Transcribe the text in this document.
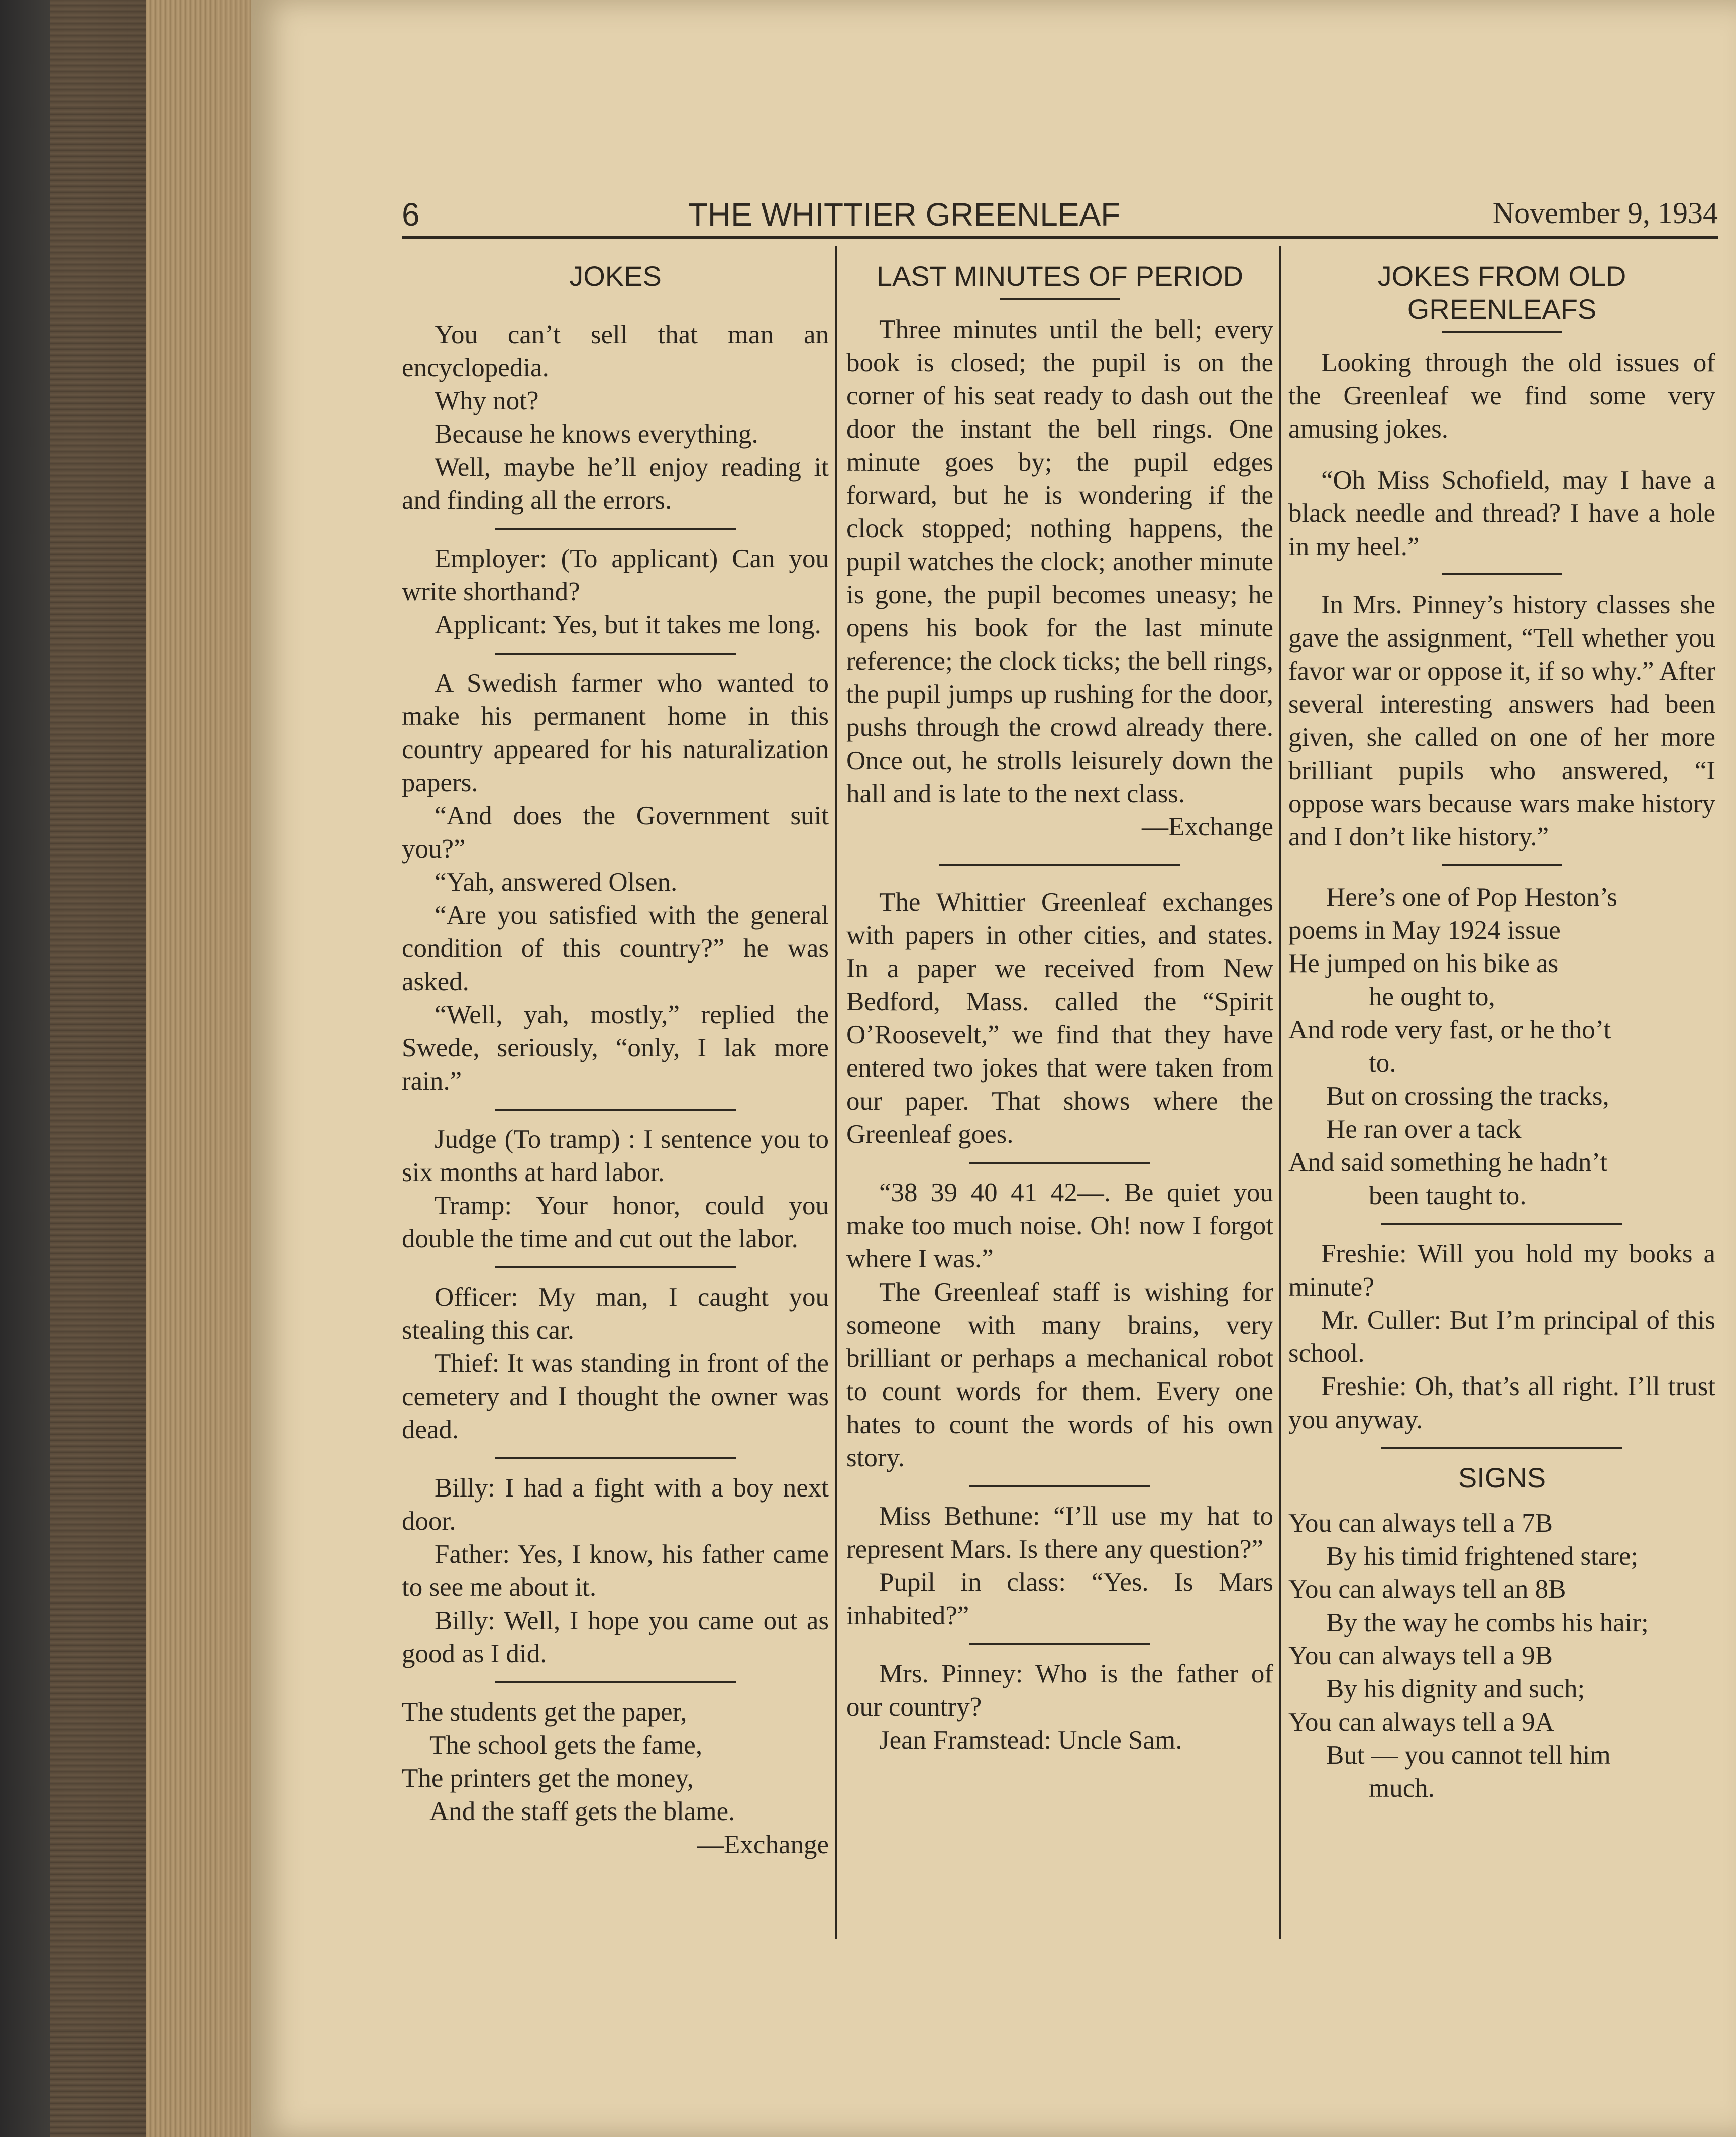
6	THE WHITTIER GREENLEAF	November 9, 1934
JOKES

You can’t sell that man an encyclopedia.

Why not?

Because he knows everything.

Well, maybe he’ll enjoy reading it and finding all the errors.

Employer: (To applicant) Can you write shorthand?

Applicant: Yes, but it takes me long.

A Swedish farmer who wanted to make his permanent home in this country appeared for his naturalization papers.

“And does the Government suit you?”

“Yah, answered Olsen.

“Are you satisfied with the general condition of this country?” he was asked.

“Well, yah, mostly,” replied the Swede, seriously, “only, I lak more rain.”

Judge (To tramp) : I sentence you to six months at hard labor.

Tramp: Your honor, could you double the time and cut out the labor.

Officer: My man, I caught you stealing this car.

Thief: It was standing in front of the cemetery and I thought the owner was dead.

Billy: I had a fight with a boy next door.

Father: Yes, I know, his father came to see me about it.

Billy: Well, I hope you came out as good as I did.

The students get the paper,

The school gets the fame,

The printers get the money,

And the staff gets the blame.

—Exchange

LAST MINUTES OF PERIOD

Three minutes until the bell; every book is closed; the pupil is on the corner of his seat ready to dash out the door the instant the bell rings. One minute goes by; the pupil edges forward, but he is wondering if the clock stopped; nothing happens, the pupil watches the clock; another minute is gone, the pupil becomes uneasy; he opens his book for the last minute reference; the clock ticks; the bell rings, the pupil jumps up rushing for the door, pushs through the crowd already there. Once out, he strolls leisurely down the hall and is late to the next class.

—Exchange

The Whittier Greenleaf exchanges with papers in other cities, and states. In a paper we received from New Bedford, Mass. called the “Spirit O’Roosevelt,” we find that they have entered two jokes that were taken from our paper. That shows where the Greenleaf goes.

“38 39 40 41 42—. Be quiet you make too much noise. Oh! now I forgot where I was.”

The Greenleaf staff is wishing for someone with many brains, very brilliant or perhaps a mechanical robot to count words for them. Every one hates to count the words of his own story.

Miss Bethune: “I’ll use my hat to represent Mars. Is there any question?”

Pupil in class: “Yes. Is Mars inhabited?”

Mrs. Pinney: Who is the father of our country?

Jean Framstead: Uncle Sam.

JOKES FROM OLD
GREENLEAFS

Looking through the old issues of the Greenleaf we find some very amusing jokes.

“Oh Miss Schofield, may I have a black needle and thread? I have a hole in my heel.”

In Mrs. Pinney’s history classes she gave the assignment, “Tell whether you favor war or oppose it, if so why.” After several interesting answers had been given, she called on one of her more brilliant pupils who answered, “I oppose wars because wars make history and I don’t like history.”

Here’s one of Pop Heston’s

poems in May 1924 issue

He jumped on his bike as

he ought to,

And rode very fast, or he tho’t

to.

But on crossing the tracks,

He ran over a tack

And said something he hadn’t

been taught to.

Freshie: Will you hold my books a minute?

Mr. Culler: But I’m principal of this school.

Freshie: Oh, that’s all right. I’ll trust you anyway.

SIGNS

You can always tell a 7B

By his timid frightened stare;

You can always tell an 8B

By the way he combs his hair;

You can always tell a 9B

By his dignity and such;

You can always tell a 9A

But — you cannot tell him

much.
